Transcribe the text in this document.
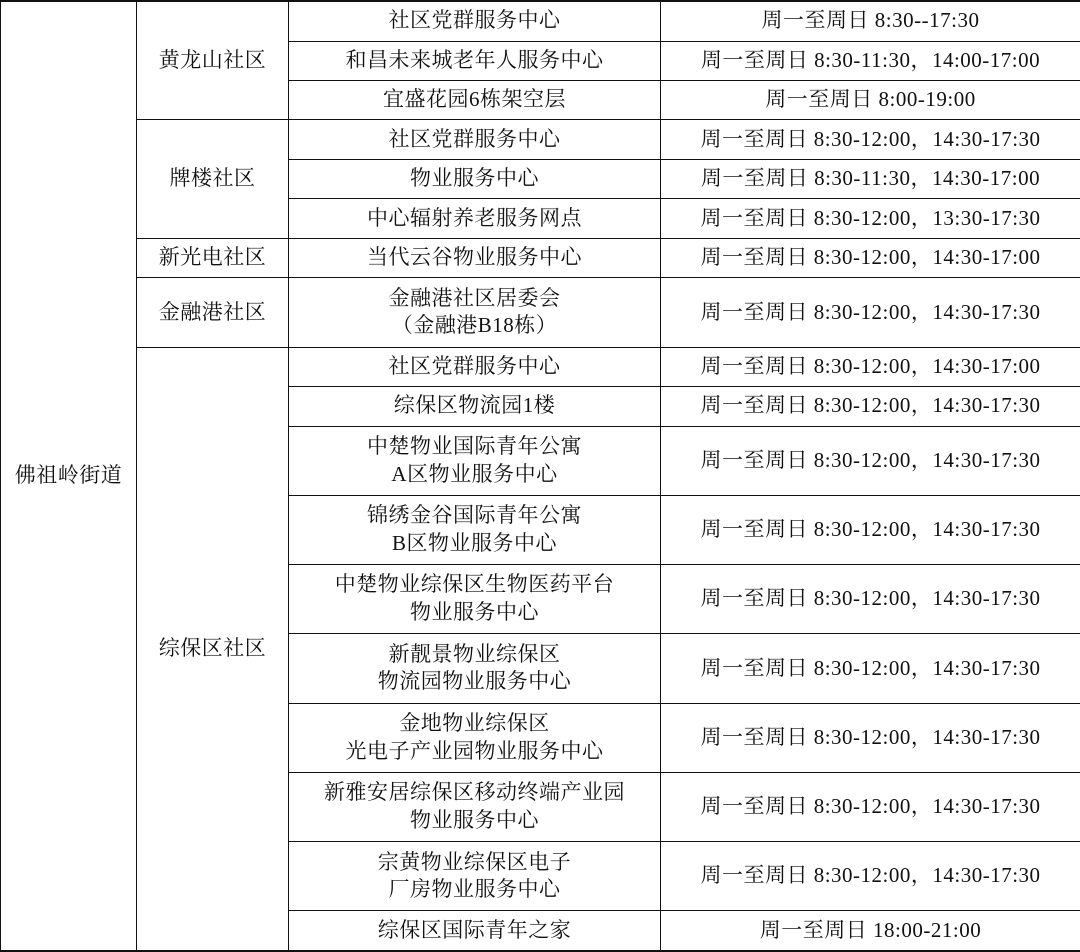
佛祖岭街道	黄龙山社区	社区党群服务中心	周一至周日 8:30--17:30

		和昌未来城老年人服务中心	周一至周日 8:30-11:30，14:00-17:00

		宜盛花园6栋架空层	周一至周日 8:00-19:00
	牌楼社区	社区党群服务中心	周一至周日 8:30-12:00，14:30-17:30

		物业服务中心	周一至周日 8:30-11:30，14:30-17:00

		中心辐射养老服务网点	周一至周日 8:30-12:00，13:30-17:30
	新光电社区	当代云谷物业服务中心	周一至周日 8:30-12:00，14:30-17:00
	金融港社区	金融港社区居委会
（金融港B18栋）	周一至周日 8:30-12:00，14:30-17:30
	综保区社区	社区党群服务中心	周一至周日 8:30-12:00，14:30-17:00

		综保区物流园1楼	周一至周日 8:30-12:00，14:30-17:30

		中楚物业国际青年公寓
A区物业服务中心	周一至周日 8:30-12:00，14:30-17:30

		锦绣金谷国际青年公寓
B区物业服务中心	周一至周日 8:30-12:00，14:30-17:30

		中楚物业综保区生物医药平台
物业服务中心	周一至周日 8:30-12:00，14:30-17:30

		新靓景物业综保区
物流园物业服务中心	周一至周日 8:30-12:00，14:30-17:30

		金地物业综保区
光电子产业园物业服务中心	周一至周日 8:30-12:00，14:30-17:30

		新雅安居综保区移动终端产业园
物业服务中心	周一至周日 8:30-12:00，14:30-17:30

		宗黄物业综保区电子
厂房物业服务中心	周一至周日 8:30-12:00，14:30-17:30

		综保区国际青年之家	周一至周日 18:00-21:00
